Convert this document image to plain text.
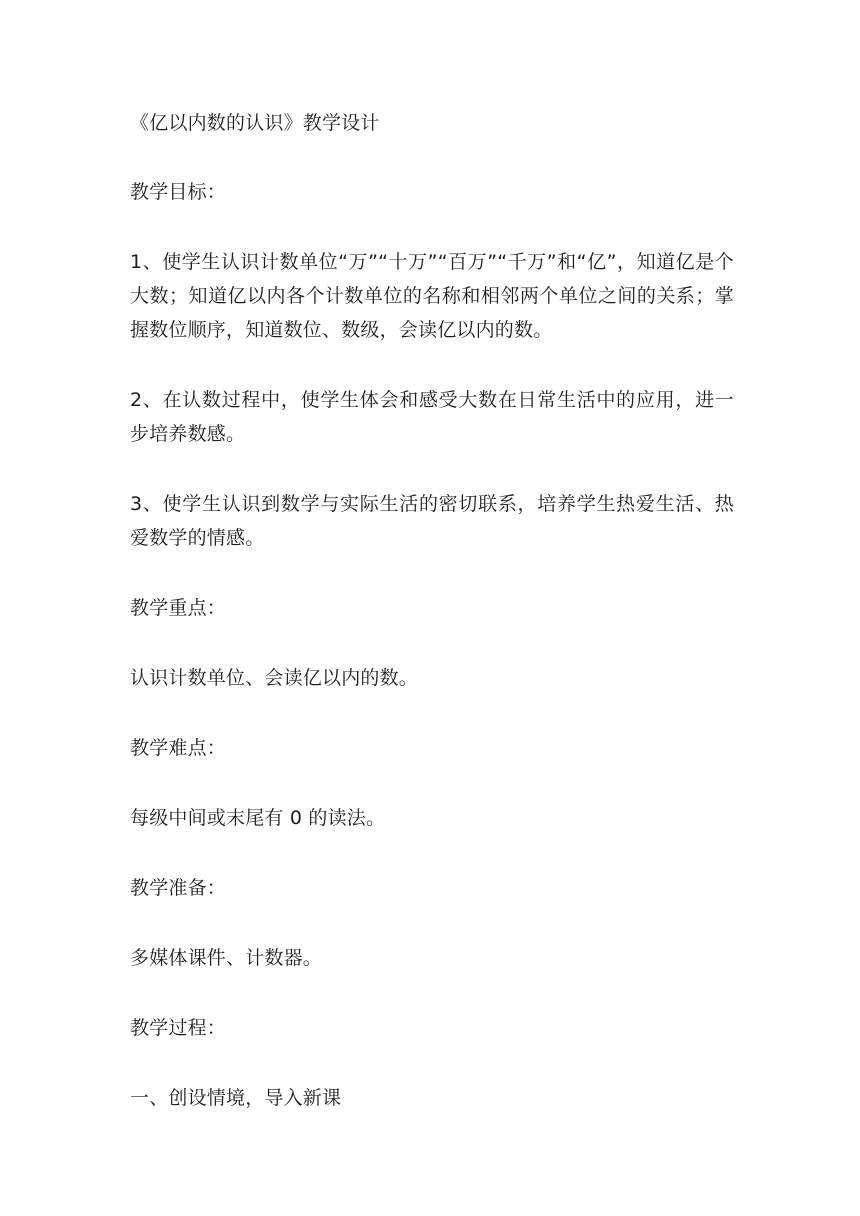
《亿以内数的认识》教学设计

教学目标：

1、使学生认识计数单位“万”“十万”“百万”“千万”和“亿”，知道亿是个大数；知道亿以内各个计数单位的名称和相邻两个单位之间的关系；掌握数位顺序，知道数位、数级，会读亿以内的数。

2、在认数过程中，使学生体会和感受大数在日常生活中的应用，进一步培养数感。

3、使学生认识到数学与实际生活的密切联系，培养学生热爱生活、热爱数学的情感。

教学重点：

认识计数单位、会读亿以内的数。

教学难点：

每级中间或末尾有 0 的读法。

教学准备：

多媒体课件、计数器。

教学过程：

一、创设情境，导入新课
